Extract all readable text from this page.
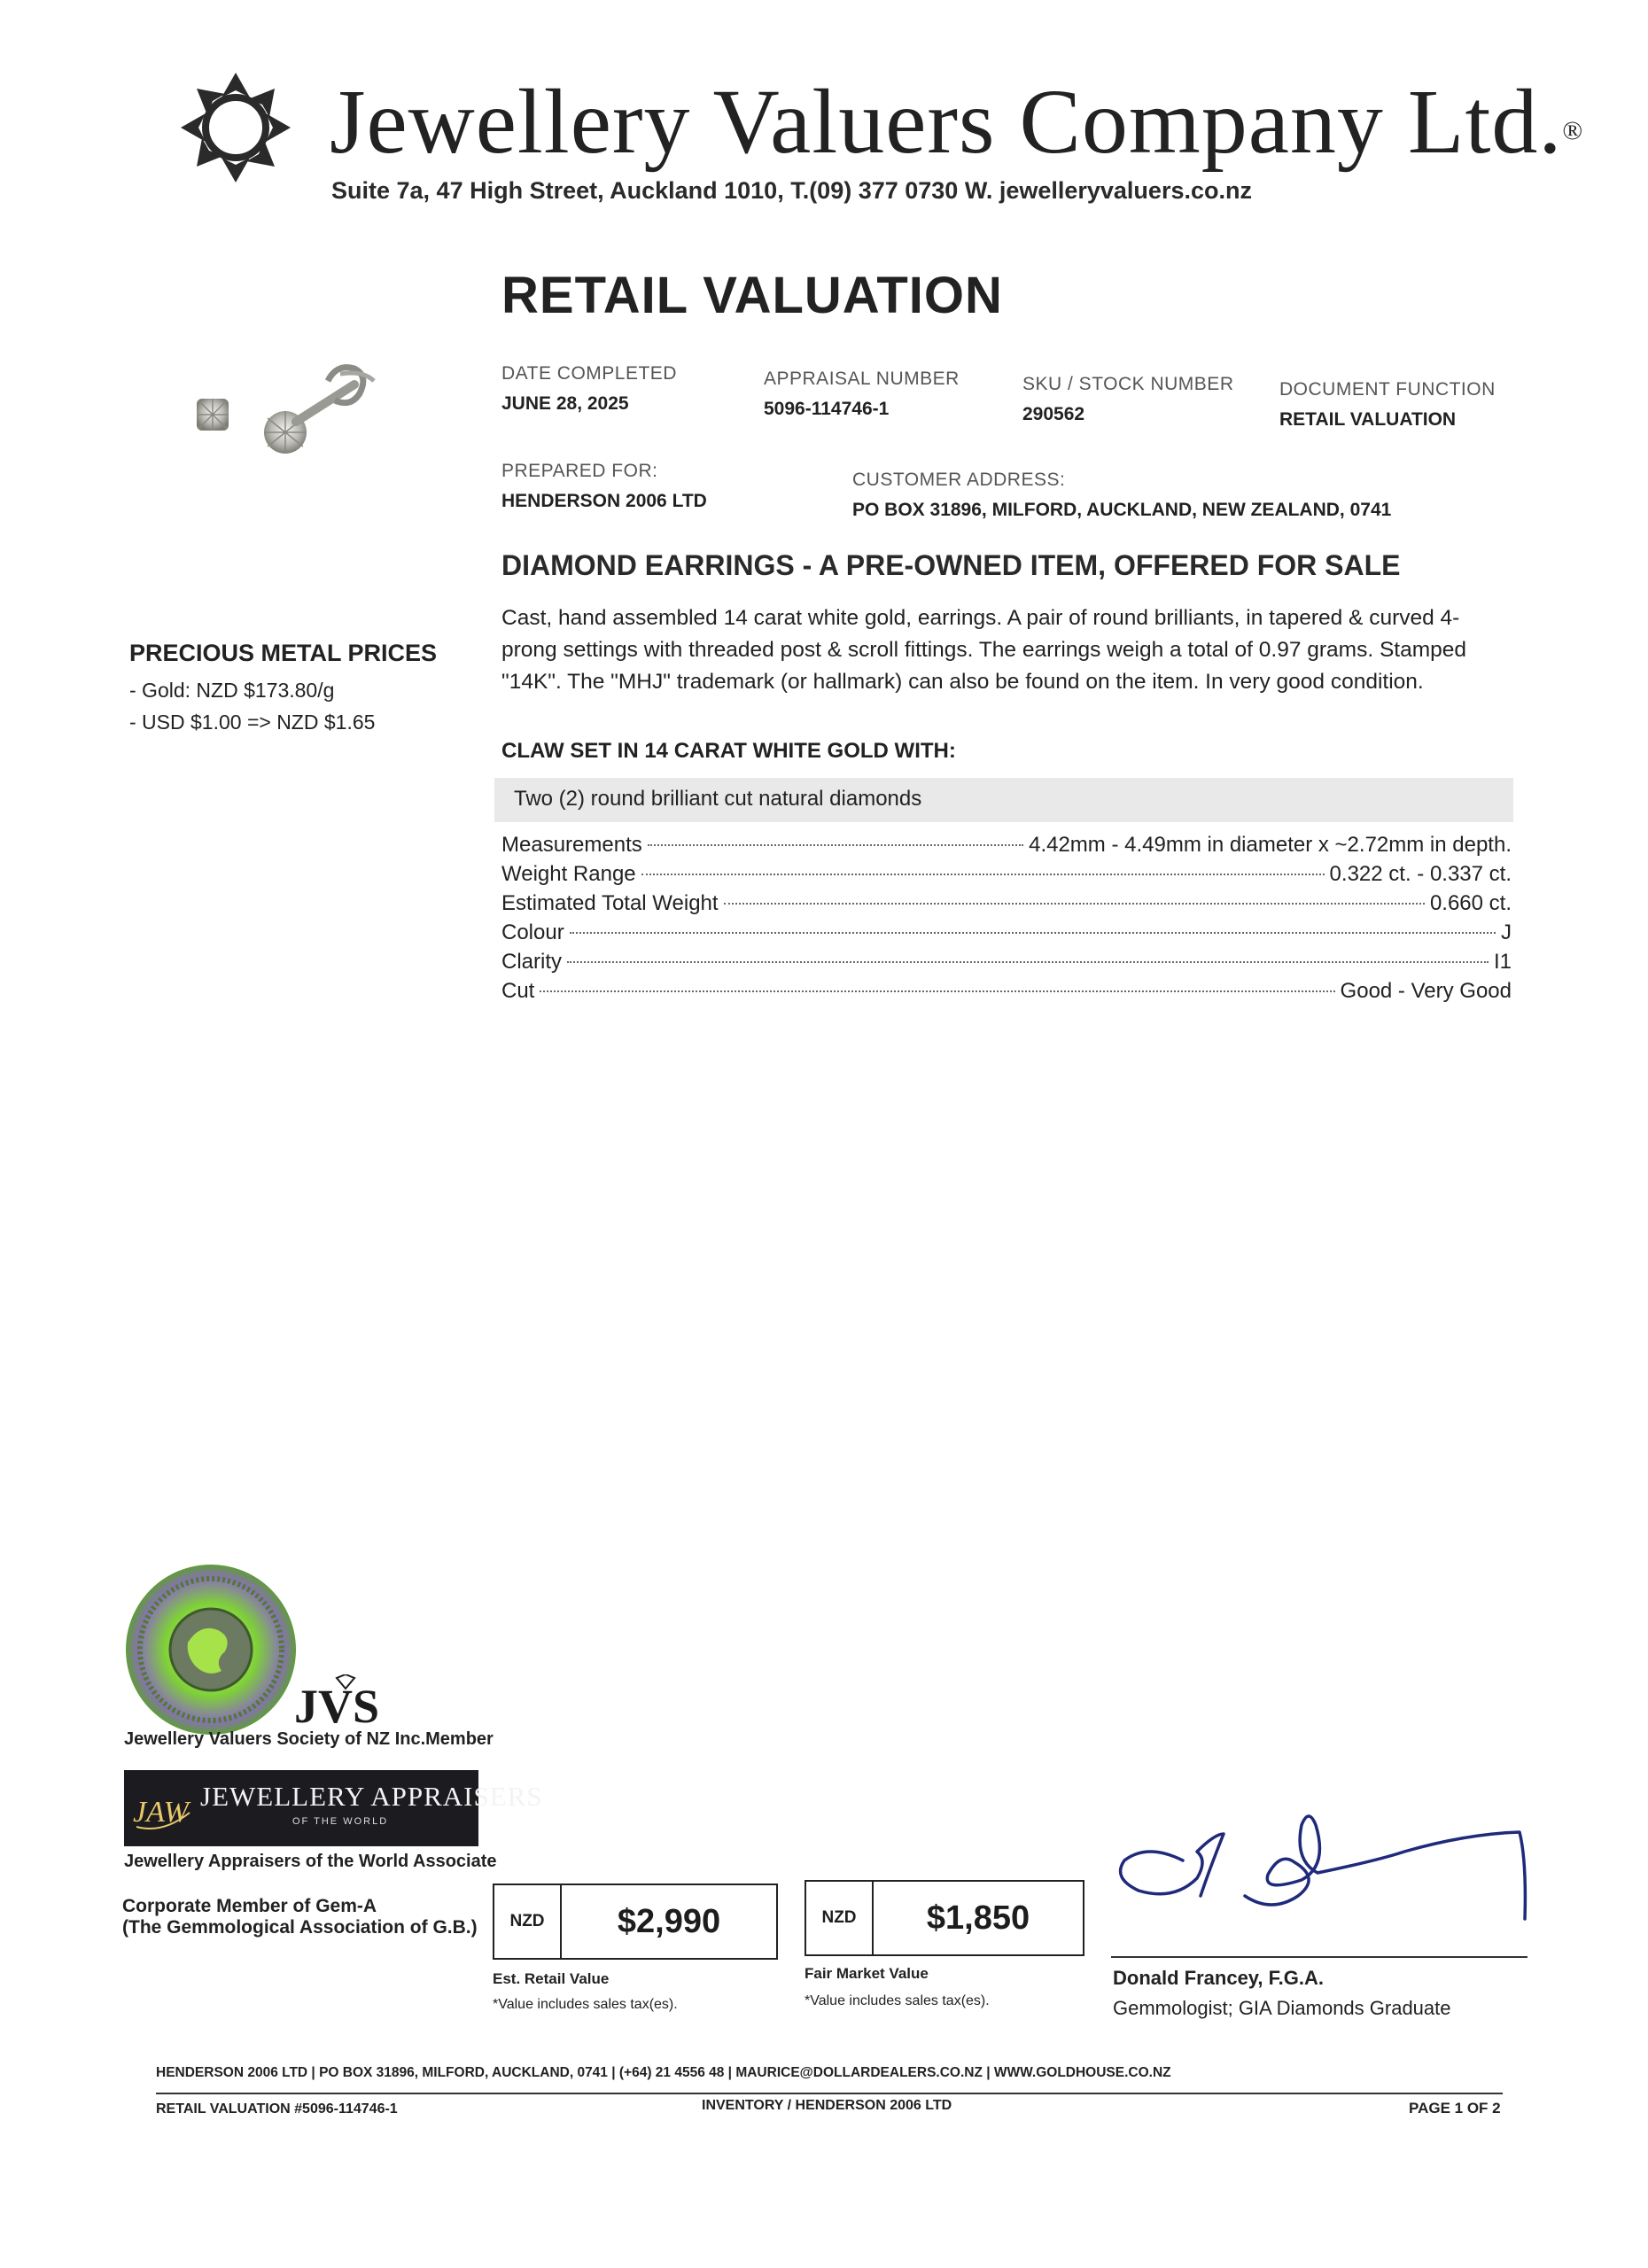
Jewellery Valuers Company Ltd.®
Suite 7a, 47 High Street, Auckland 1010, T.(09) 377 0730 W. jewelleryvaluers.co.nz
RETAIL VALUATION
DATE COMPLETED
JUNE 28, 2025
APPRAISAL NUMBER
5096-114746-1
SKU / STOCK NUMBER
290562
DOCUMENT FUNCTION
RETAIL VALUATION
PREPARED FOR:
HENDERSON 2006 LTD
CUSTOMER ADDRESS:
PO BOX 31896, MILFORD, AUCKLAND, NEW ZEALAND, 0741
DIAMOND EARRINGS - A PRE-OWNED ITEM, OFFERED FOR SALE
Cast, hand assembled 14 carat white gold, earrings. A pair of round brilliants, in tapered & curved 4-prong settings with threaded post & scroll fittings. The earrings weigh a total of 0.97 grams. Stamped "14K". The "MHJ" trademark (or hallmark) can also be found on the item. In very good condition.
PRECIOUS METAL PRICES
- Gold: NZD $173.80/g
- USD $1.00 => NZD $1.65
CLAW SET IN 14 CARAT WHITE GOLD WITH:
Two (2) round brilliant cut natural diamonds
Measurements	4.42mm - 4.49mm in diameter x ~2.72mm in depth.
Weight Range	0.322 ct. - 0.337 ct.
Estimated Total Weight	0.660 ct.
Colour	J
Clarity	I1
Cut	Good - Very Good
JVS
Jewellery Valuers Society of NZ Inc.Member
JAW JEWELLERY APPRAISERS
OF THE WORLD
Jewellery Appraisers of the World Associate
Corporate Member of Gem-A
(The Gemmological Association of G.B.)	NZD	$2,990
Est. Retail Value
*Value includes sales tax(es).
NZD	$1,850
Fair Market Value
*Value includes sales tax(es).
Donald Francey, F.G.A.
Gemmologist; GIA Diamonds Graduate
HENDERSON 2006 LTD | PO BOX 31896, MILFORD, AUCKLAND, 0741 | (+64) 21 4556 48 | MAURICE@DOLLARDEALERS.CO.NZ | WWW.GOLDHOUSE.CO.NZ
RETAIL VALUATION #5096-114746-1	INVENTORY / HENDERSON 2006 LTD	PAGE 1 OF 2
